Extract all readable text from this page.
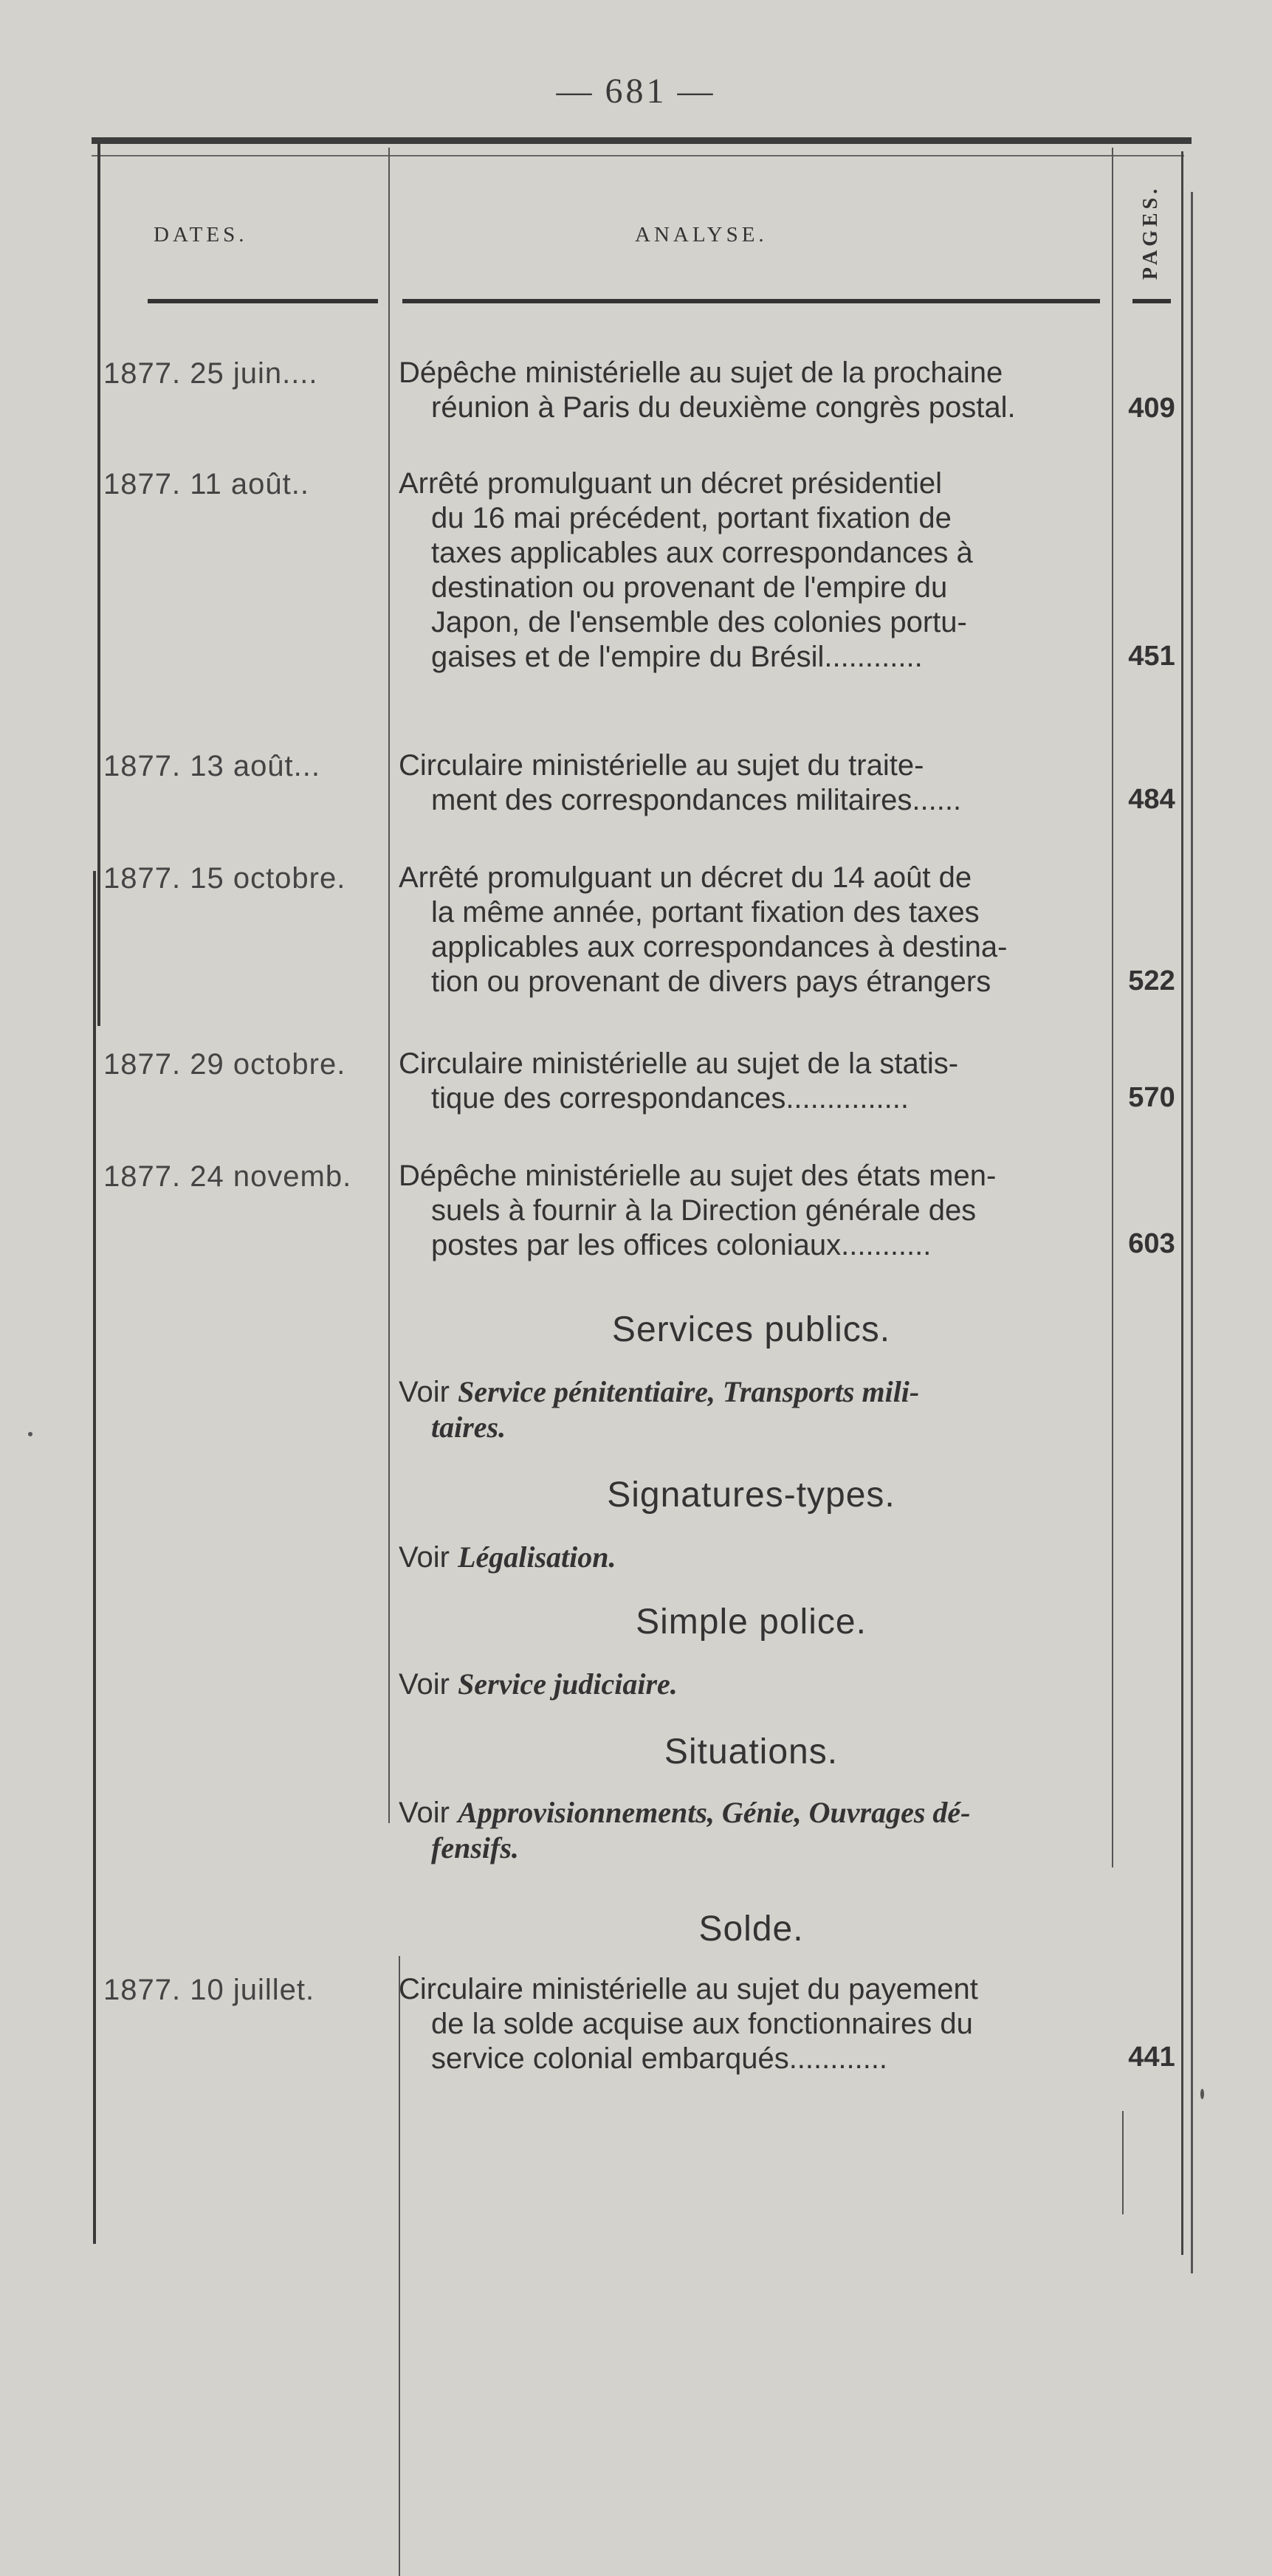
— 681 —
DATES.	ANALYSE.	PAGES.
1877. 25 juin....	Dépêche ministérielle au sujet de la prochaine
réunion à Paris du deuxième congrès postal.	409
1877. 11 août..	Arrêté promulguant un décret présidentiel
du 16 mai précédent, portant fixation de
taxes applicables aux correspondances à
destination ou provenant de l'empire du
Japon, de l'ensemble des colonies portu-
gaises et de l'empire du Brésil............	451
1877. 13 août...	Circulaire ministérielle au sujet du traite-
ment des correspondances militaires......	484
1877. 15 octobre.	Arrêté promulguant un décret du 14 août de
la même année, portant fixation des taxes
applicables aux correspondances à destina-
tion ou provenant de divers pays étrangers	522
1877. 29 octobre.	Circulaire ministérielle au sujet de la statis-
tique des correspondances...............	570
1877. 24 novemb.	Dépêche ministérielle au sujet des états men-
suels à fournir à la Direction générale des
postes par les offices coloniaux...........	603
Services publics.
Voir Service pénitentiaire, Transports mili-
taires.
Signatures-types.
Voir Légalisation.
Simple police.
Voir Service judiciaire.
Situations.
Voir Approvisionnements, Génie, Ouvrages dé-
fensifs.
Solde.
1877. 10 juillet.	Circulaire ministérielle au sujet du payement
de la solde acquise aux fonctionnaires du
service colonial embarqués............	441
